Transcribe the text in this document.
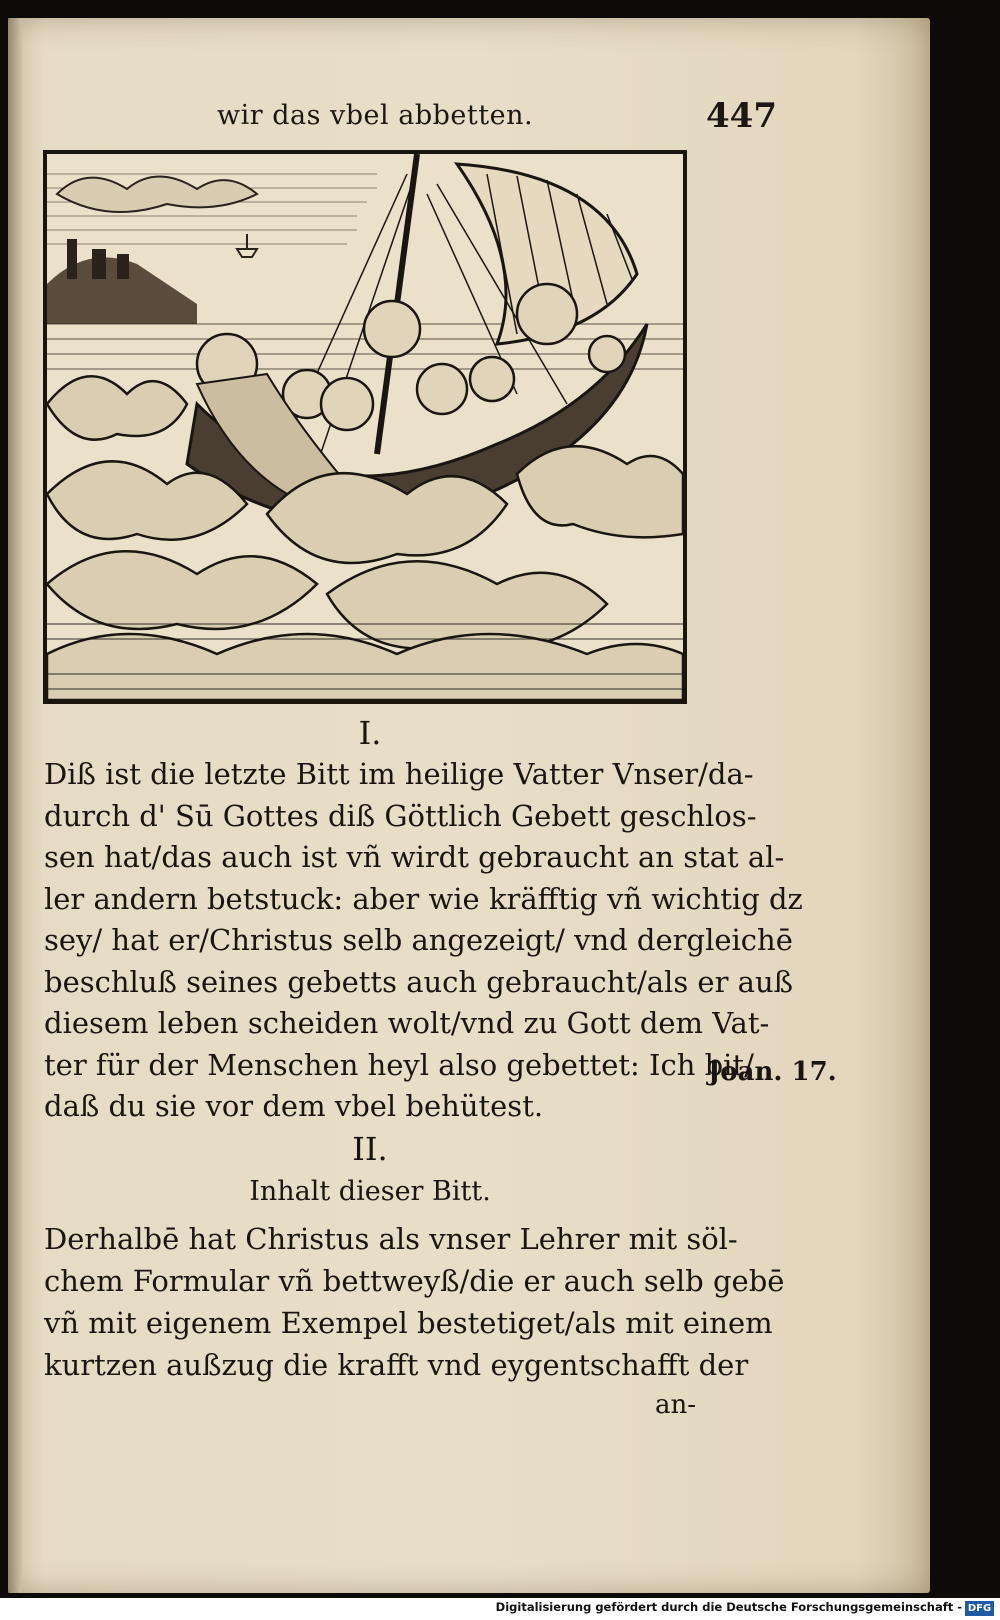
wir das vbel abbetten.	447
I.
Diß ist die letzte Bitt im heilige Vatter Vnser/da-
durch d' Sū Gottes diß Göttlich Gebett geschlos-
sen hat/das auch ist vñ wirdt gebraucht an stat al-
ler andern betstuck: aber wie kräfftig vñ wichtig dz
sey/ hat er/Christus selb angezeigt/ vnd dergleichē
beschluß seines gebetts auch gebraucht/als er auß
diesem leben scheiden wolt/vnd zu Gott dem Vat-
ter für der Menschen heyl also gebettet: Ich bit/
daß du sie vor dem vbel behütest.
Joan. 17.
II.
Inhalt dieser Bitt.
Derhalbē hat Christus als vnser Lehrer mit söl-
chem Formular vñ bettweyß/die er auch selb gebē
vñ mit eigenem Exempel bestetiget/als mit einem
kurtzen außzug die krafft vnd eygentschafft der
an-
Digitalisierung gefördert durch die Deutsche Forschungsgemeinschaft - DFG
